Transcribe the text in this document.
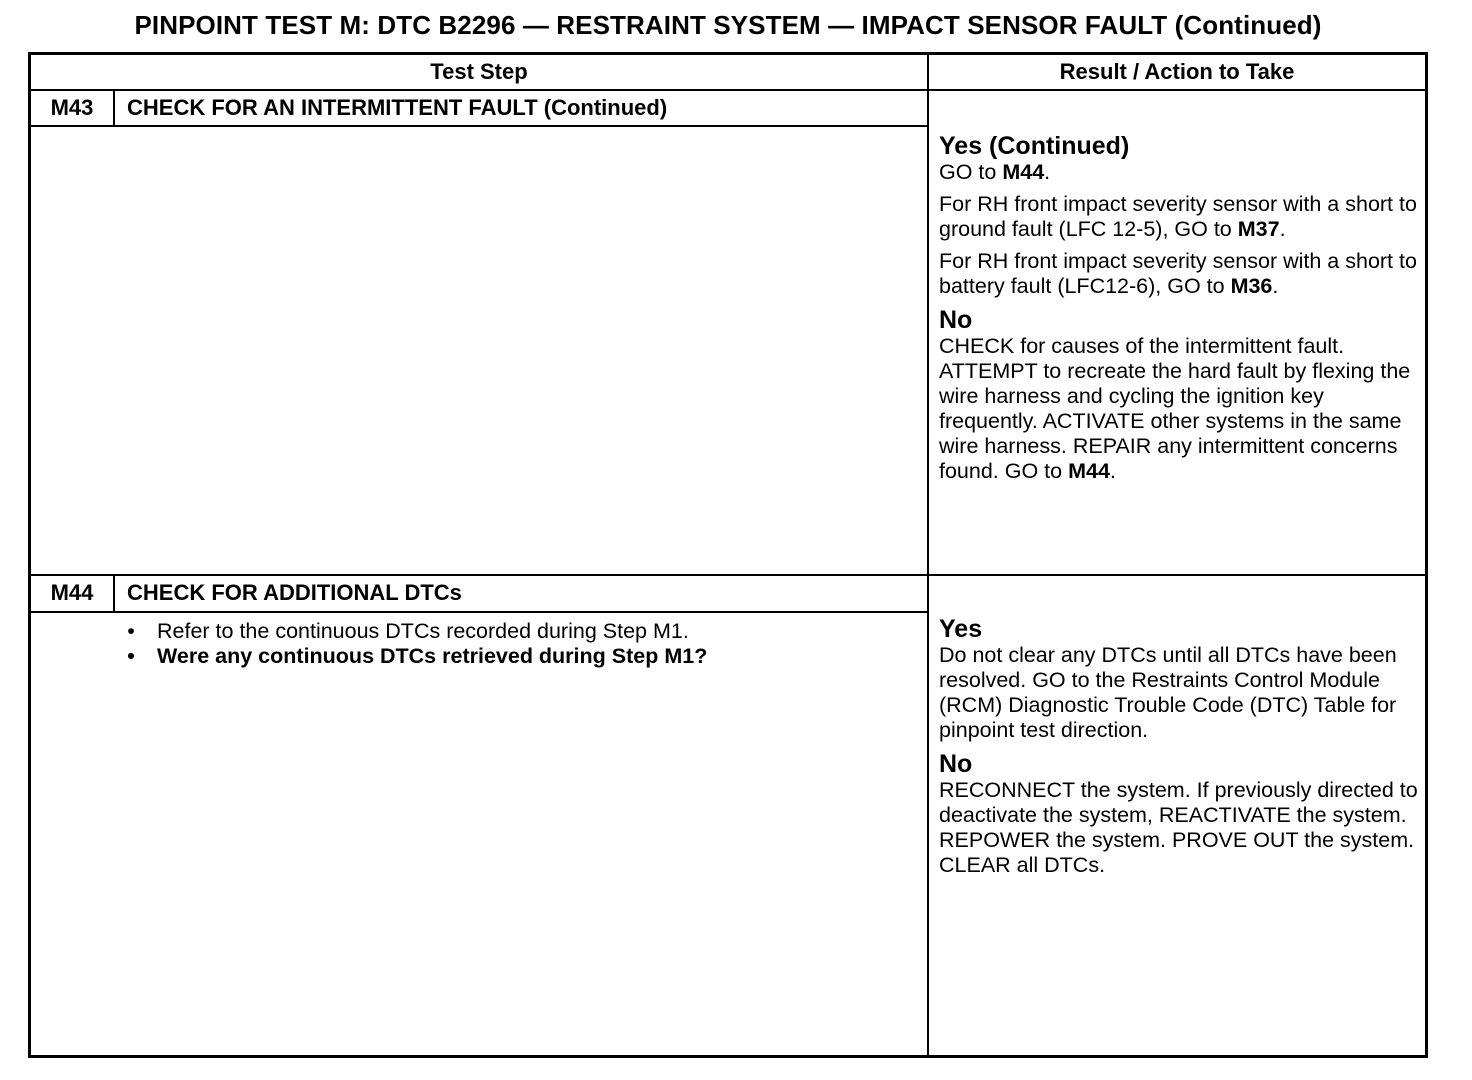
PINPOINT TEST M: DTC B2296 — RESTRAINT SYSTEM — IMPACT SENSOR FAULT (Continued)
Test Step	Result / Action to Take
M43	CHECK FOR AN INTERMITTENT FAULT (Continued)
Yes (Continued)

GO to M44.

For RH front impact severity sensor with a short to ground fault (LFC 12-5), GO to M37.

For RH front impact severity sensor with a short to battery fault (LFC12-6), GO to M36.

No

CHECK for causes of the intermittent fault. ATTEMPT to recreate the hard fault by flexing the wire harness and cycling the ignition key frequently. ACTIVATE other systems in the same wire harness. REPAIR any intermittent concerns found. GO to M44.

M44	CHECK FOR ADDITIONAL DTCs
• Refer to the continuous DTCs recorded during Step M1.
• Were any continuous DTCs retrieved during Step M1?
Yes

Do not clear any DTCs until all DTCs have been resolved. GO to the Restraints Control Module (RCM) Diagnostic Trouble Code (DTC) Table for pinpoint test direction.

No

RECONNECT the system. If previously directed to deactivate the system, REACTIVATE the system. REPOWER the system. PROVE OUT the system. CLEAR all DTCs.
